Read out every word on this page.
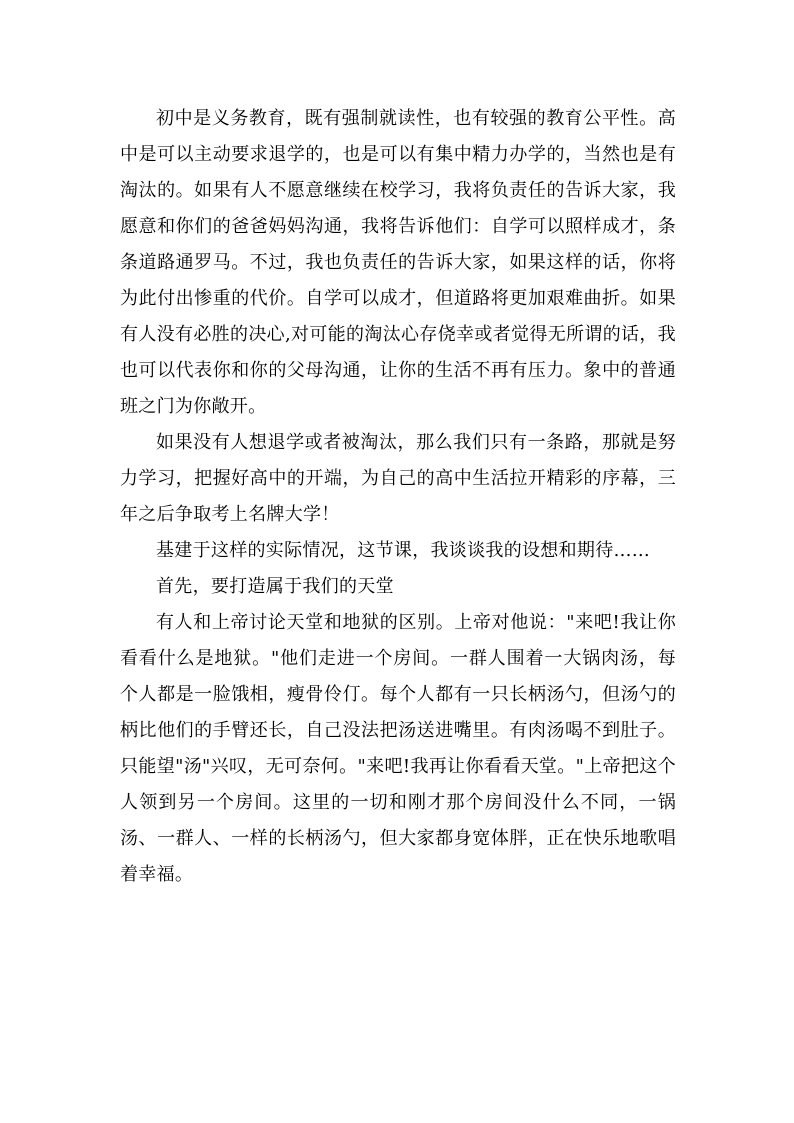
初中是义务教育，既有强制就读性，也有较强的教育公平性。高中是可以主动要求退学的，也是可以有集中精力办学的，当然也是有淘汰的。如果有人不愿意继续在校学习，我将负责任的告诉大家，我愿意和你们的爸爸妈妈沟通，我将告诉他们：自学可以照样成才，条条道路通罗马。不过，我也负责任的告诉大家，如果这样的话，你将为此付出惨重的代价。自学可以成才，但道路将更加艰难曲折。如果有人没有必胜的决心,对可能的淘汰心存侥幸或者觉得无所谓的话，我也可以代表你和你的父母沟通，让你的生活不再有压力。象中的普通班之门为你敞开。

如果没有人想退学或者被淘汰，那么我们只有一条路，那就是努力学习，把握好高中的开端，为自己的高中生活拉开精彩的序幕，三年之后争取考上名牌大学！

基建于这样的实际情况，这节课，我谈谈我的设想和期待……

首先，要打造属于我们的天堂

有人和上帝讨论天堂和地狱的区别。上帝对他说："来吧!我让你看看什么是地狱。"他们走进一个房间。一群人围着一大锅肉汤，每个人都是一脸饿相，瘦骨伶仃。每个人都有一只长柄汤勺，但汤勺的柄比他们的手臂还长，自己没法把汤送进嘴里。有肉汤喝不到肚子。只能望"汤"兴叹，无可奈何。"来吧!我再让你看看天堂。"上帝把这个人领到另一个房间。这里的一切和刚才那个房间没什么不同，一锅汤、一群人、一样的长柄汤勺，但大家都身宽体胖，正在快乐地歌唱着幸福。
